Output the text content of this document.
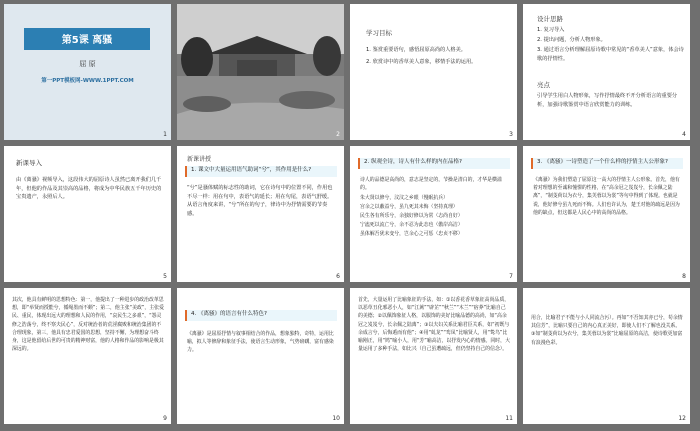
第5课 离骚
屈 原
第一PPT模板网-WWW.1PPT.COM
1	2
学习目标
1. 鉴赏重要语句，感悟屈原高尚的人格美。
2. 欣赏诗中的香草美人意象，移情手法的运用。
3
设计思路
1. 复习导入
2. 提出问题，分析人物形象。
3. 通过语言分析理解屈原诗歌中常见的“香草美人”意象，体会诗歌的抒情性。
亮点
引导学生用白人物形象，写作抒情最终不开分析语言的重要分析，加强诗歌鉴赏中语言欣赏能力的训练。
4
新课导入
由《离骚》视频导入，这段伟大的屈原诗人虽然已离开我们几千年，但他的作品及其崇高的品格，将成为中华民族五千年历史的宝贵遗产，永照后人。
5
新课讲授
1. 课文中大量运用语气助词“兮”，其作用是什么?
“兮”是骚体赋的标志性的助词，它在诗句中的位置不同，作用也不尽一样：用在句中，表语气的延长；用在句尾，表语气舒缓。从语言角度来讲，“兮”所在的句子，律诗中为抒情需要的节奏感。
6
2. 纵观全诗，诗人有什么样的内在品格?
诗人的品德是高尚的，意志是坚定的，节操是清白的，才华是横溢的。
朱大贤以修兮，汶汶之乡眼（慢眠抗兵）
宫余之以蔽益兮，虽九死其未悔（坚持真理）
民生各有所乐兮，余独好修以为常（志尚自好）
宁溘死以流亡兮，余不忍为此态也（傲岸高洁）
虽体解吾犹未变兮，岂余心之可惩（忠贞不移）
7
3. 《离骚》一诗塑造了一个什么样的抒情主人公形象?
《离骚》为我们塑造了屈原这一高大的抒情主人公形象。首先，他有着对理想的至诚和憧憬的性格，在“高余冠之岌岌兮，长余佩之陆离”，“制芰荷以为衣兮，集芙蓉以为裳”等句中得到了体现。也就是说，他好修兮虽九死而不悔。人们也许认为，楚王对他的疏远是因为他的缺点，但这都是人民心中的高尚的品格。
8
其次，他具有鲜明的思想特色：第一，他提出了一种进步的政治改革思想，即“举贤而授能兮，循绳墨而不颇”；第二，他主张“美政”，主张爱民、重民，体现出远大的理想和人民的作用，“哀民生之多艰”，“怨灵修之浩荡兮，终不察夫民心”，反对统治者的荒淫腐败和统治集团的不合理现象，第三，他具有忠君爱国的思想，坚持不懈，为理想奋斗终身，这是他留给后世的可贵的精神财富，他的人格和作品的影响是极其深远的。
9
4. 《离骚》的语言有什么特色?
《离骚》是屈原抒情与叙事相结合的作品，想象独特，奇特，运用比喻，拟人等修辞和象征手法，使语言生动形象，气势磅礴，富有感染力。
10
首先，大量运用了比喻象征的手法，如：①以香花香草象征高尚品质，以恶草丑化邪恶小人，如“江蓠”“辟芷”“秋兰”“木兰”“宿莽”比喻自己的美德；②以佩饰象征人格，以服饰的美好比喻品德的高尚，如“高余冠之岌岌兮，长余佩之陆离”；③以夫妇关系比喻君臣关系，如“初既与余成言兮，后悔遁而有他”；④用“虬龙”“鸾凤”比喻贤人，用“鸷鸟”比喻刚正，用“鸠”喻小人，用“芳”喻高洁，以抒发内心的情感。同时，大量运用了多种手法，如比兴（自己虽遭疏远，但仍坚持自己的信念）。
11
用合，比喻君子不能与小人同流合污）。再如“不吾知其亦已兮，苟余情其信芳”，比喻只要自己的内心真正美好，即使人们不了解也没关系。③如“制芰荷以为衣兮，集芙蓉以为裳”比喻屈原的高洁，使诗歌更加富有浪漫色彩。
12
